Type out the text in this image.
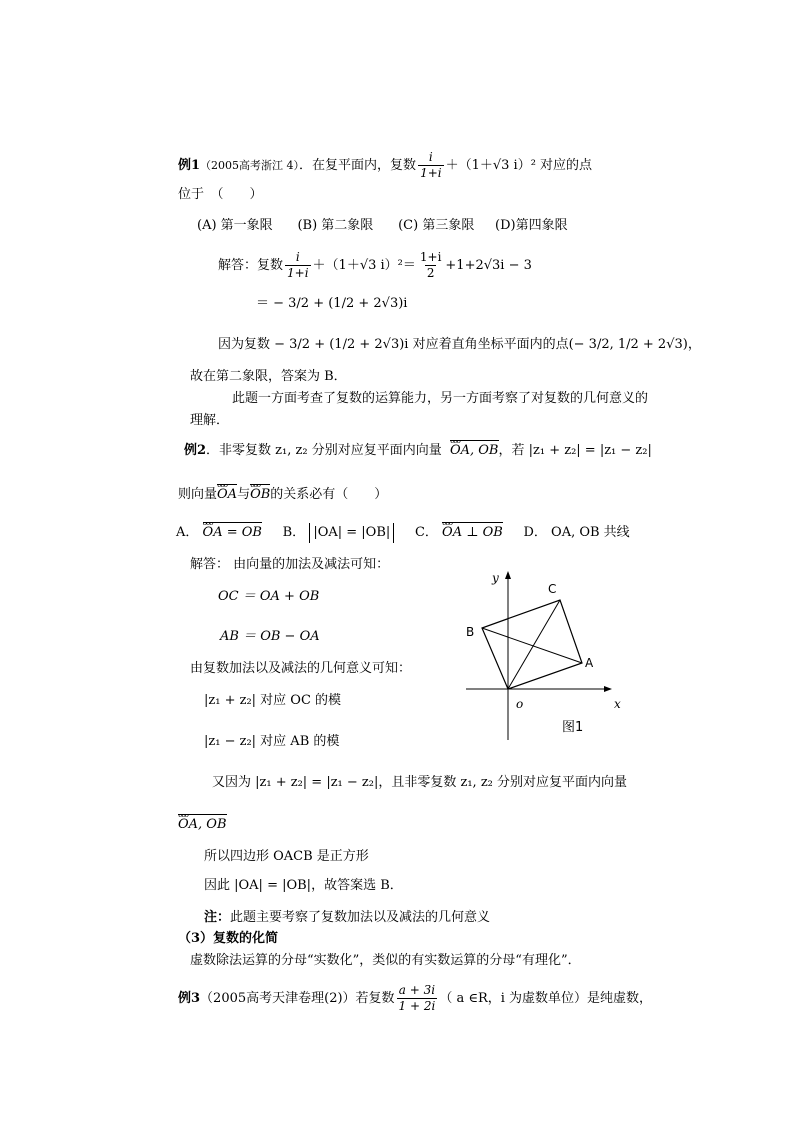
例1（2005高考浙江 4）．在复平面内，复数 $\frac{i}{1+i} +(1+√3$ i）² 对应的点
位于　（　　）
(A) 第一象限 (B) 第二象限 (C) 第三象限 (D)第四象限
解答：复数 $\frac{i}{1+i} +(1+√3$ $i)^2= \frac{1+i}{2} +1+2√3i - 3$
＝ − 3/2 + (1/2 + 2√3)i
因为复数 − 3/2 + (1/2 + 2√3)i 对应着直角坐标平面内的点(− 3/2, 1/2 + 2√3)，
故在第二象限，答案为 B．
此题一方面考查了复数的运算能力，另一方面考察了对复数的几何意义的
理解．
例2．非零复数 z₁, z₂ 分别对应复平面内向量 OA, OB ᴗᴗᴗ，若 |z₁ + z₂| = |z₁ − z₂|
则向量OA ᴗᴗᴗ与OB ᴗᴗᴗ的关系必有（　　）
A． OA = OB ᴗᴗᴗ B． |OA| = |OB| C． OA ⊥ OB ᴗᴗᴗ D． OA, OB 共线
解答： 由向量的加法及减法可知：
OC ＝ OA + OB
AB ＝ OB − OA
由复数加法以及减法的几何意义可知：
|z₁ + z₂| 对应 OC 的模
|z₁ − z₂| 对应 AB 的模
又因为 |z₁ + z₂| = |z₁ − z₂|，且非零复数 z₁, z₂ 分别对应复平面内向量
OA, OB ᴗᴗᴗ
所以四边形 OACB 是正方形
因此 |OA| = |OB|，故答案选 B．
注：此题主要考察了复数加法以及减法的几何意义
（3）复数的化简
虚数除法运算的分母“实数化”，类似的有实数运算的分母“有理化”．
例3（2005高考天津卷理(2)）若复数 $\frac{a + 3i}{1 + 2i}$ （ a ∈R，i 为虚数单位）是纯虚数，
y
x
o
A
B
C
图1
